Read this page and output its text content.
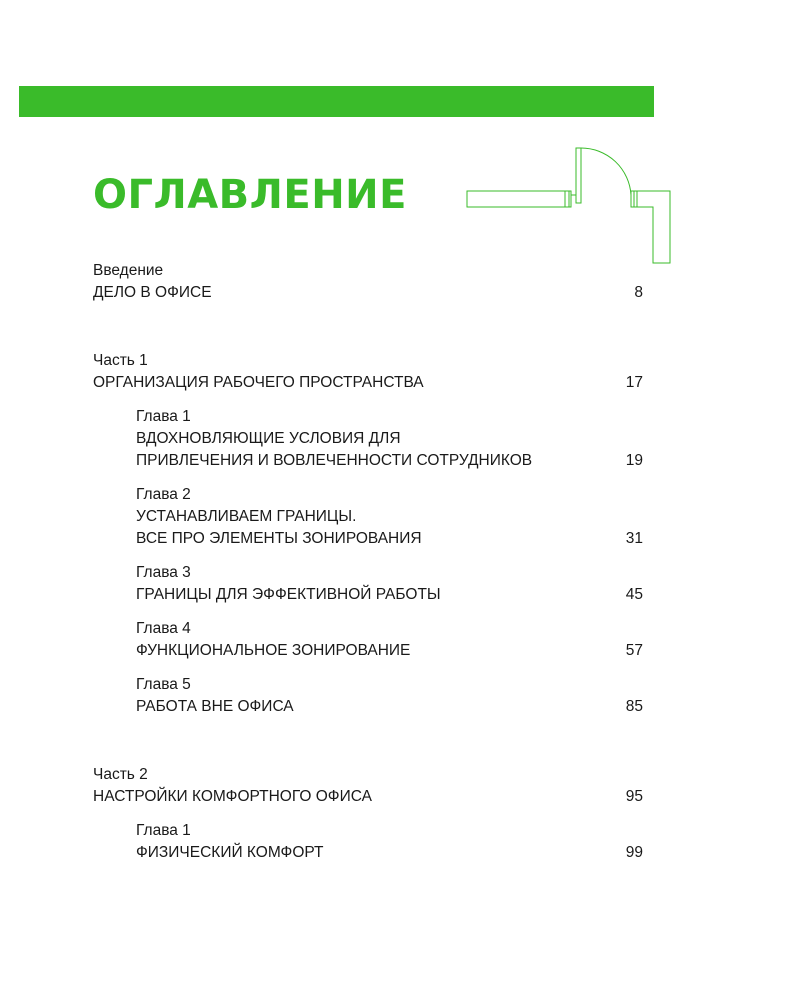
ОГЛАВЛЕНИЕ
Введение
ДЕЛО В ОФИСЕ	8
Часть 1
ОРГАНИЗАЦИЯ РАБОЧЕГО ПРОСТРАНСТВА	17
Глава 1
ВДОХНОВЛЯЮЩИЕ УСЛОВИЯ ДЛЯ
ПРИВЛЕЧЕНИЯ И ВОВЛЕЧЕННОСТИ СОТРУДНИКОВ	19
Глава 2
УСТАНАВЛИВАЕМ ГРАНИЦЫ.
ВСЕ ПРО ЭЛЕМЕНТЫ ЗОНИРОВАНИЯ	31
Глава 3
ГРАНИЦЫ ДЛЯ ЭФФЕКТИВНОЙ РАБОТЫ	45
Глава 4
ФУНКЦИОНАЛЬНОЕ ЗОНИРОВАНИЕ	57
Глава 5
РАБОТА ВНЕ ОФИСА	85
Часть 2
НАСТРОЙКИ КОМФОРТНОГО ОФИСА	95
Глава 1
ФИЗИЧЕСКИЙ КОМФОРТ	99
